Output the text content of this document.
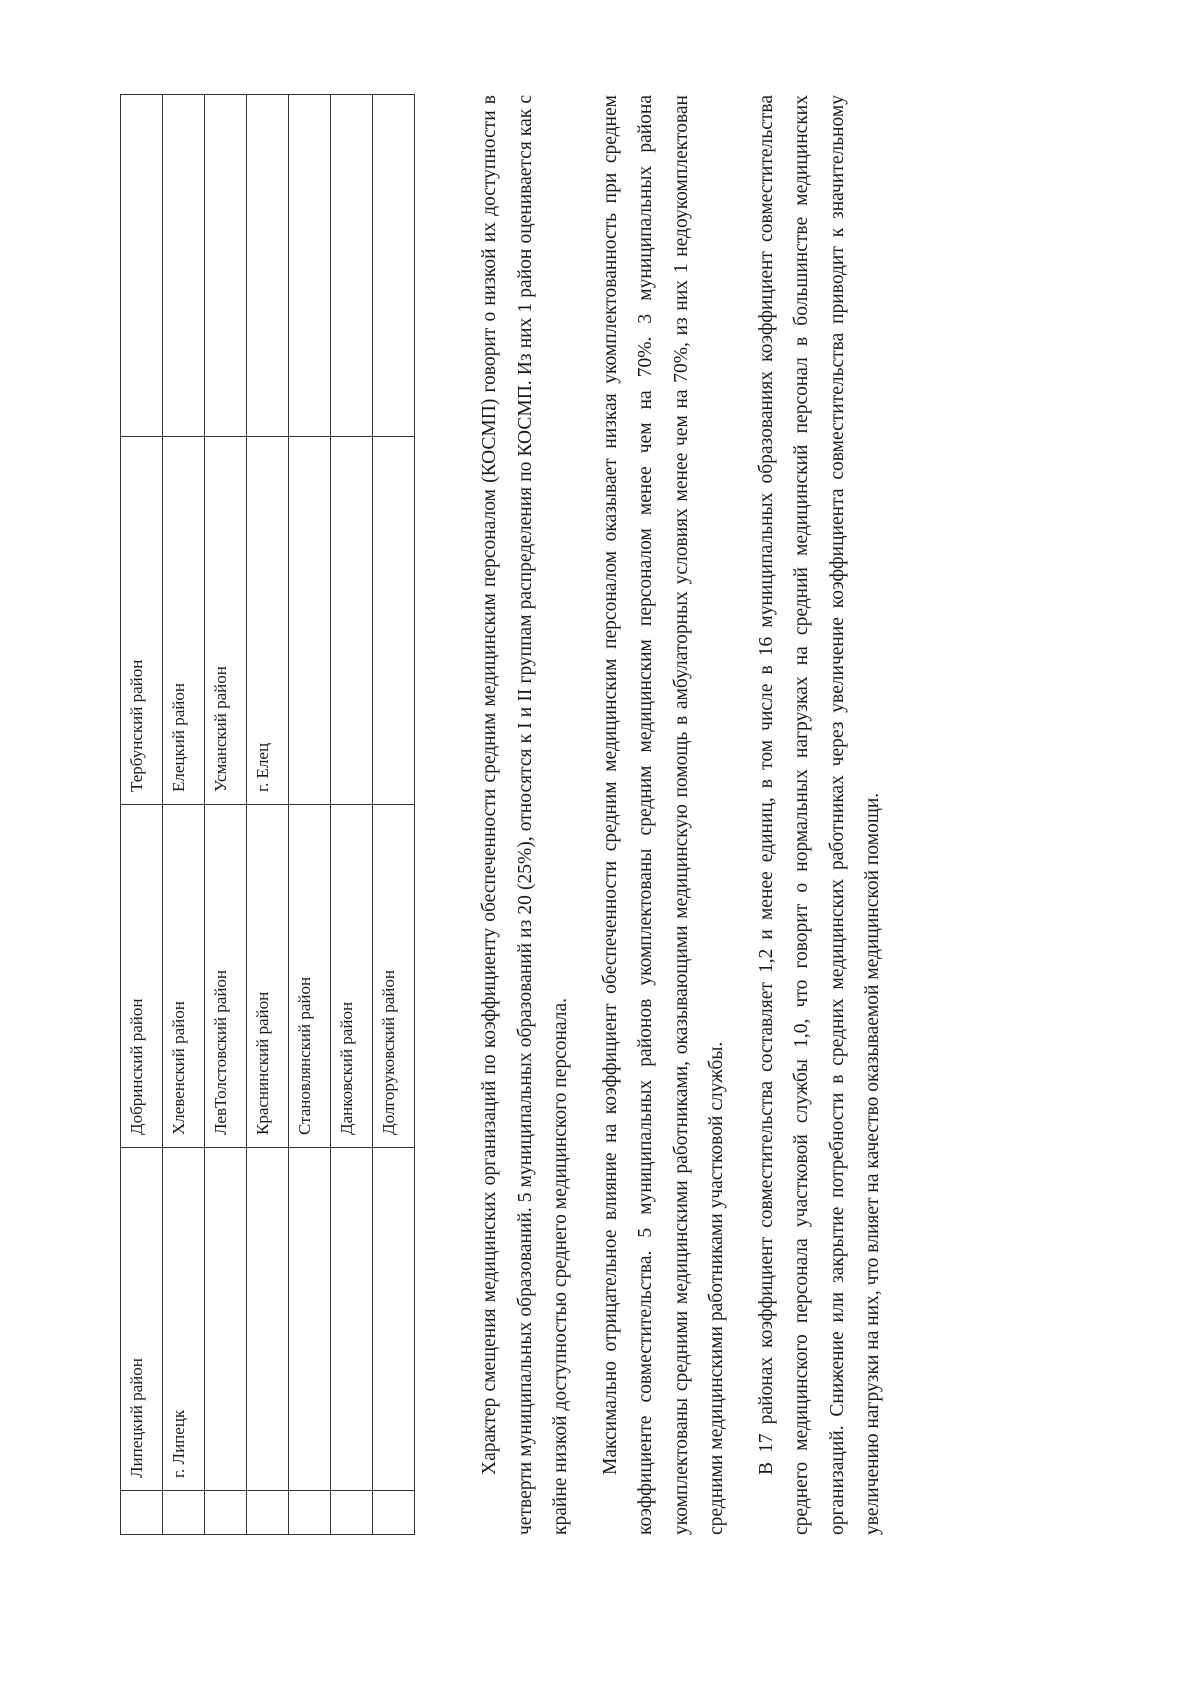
	Липецкий район	Добринский район	Тербунский район	
	г. Липецк	Хлевенский район	Елецкий район	
		ЛевТолстовский район	Усманский район	
		Краснинский район	г. Елец	
		Становлянский район		
		Данковский район		
		Долгоруковский район			Характер смещения медицинских организаций по коэффициенту обеспеченности средним медицинским персоналом (КОСМП) говорит о низкой их доступности в четверти муниципальных образований. 5 муниципальных образований из 20 (25%), относятся к I и II группам распределения по КОСМП. Из них 1 район оценивается как с крайне низкой доступностью среднего медицинского персонала.	Максимально отрицательное влияние на коэффициент обеспеченности средним медицинским персоналом оказывает низкая укомплектованность при среднем коэффициенте совместительства. 5 муниципальных районов укомплектованы средним медицинским персоналом менее чем на 70%. 3 муниципальных района укомплектованы средними медицинскими работниками, оказывающими медицинскую помощь в амбулаторных условиях менее чем на 70%, из них 1 недоукомплектован средними медицинскими работниками участковой службы.	В 17 районах коэффициент совместительства составляет 1,2 и менее единиц, в том числе в 16 муниципальных образованиях коэффициент совместительства среднего медицинского персонала участковой службы 1,0, что говорит о нормальных нагрузках на средний медицинский персонал в большинстве медицинских организаций. Снижение или закрытие потребности в средних медицинских работниках через увеличение коэффициента совместительства приводит к значительному увеличению нагрузки на них, что влияет на качество оказываемой медицинской помощи.
